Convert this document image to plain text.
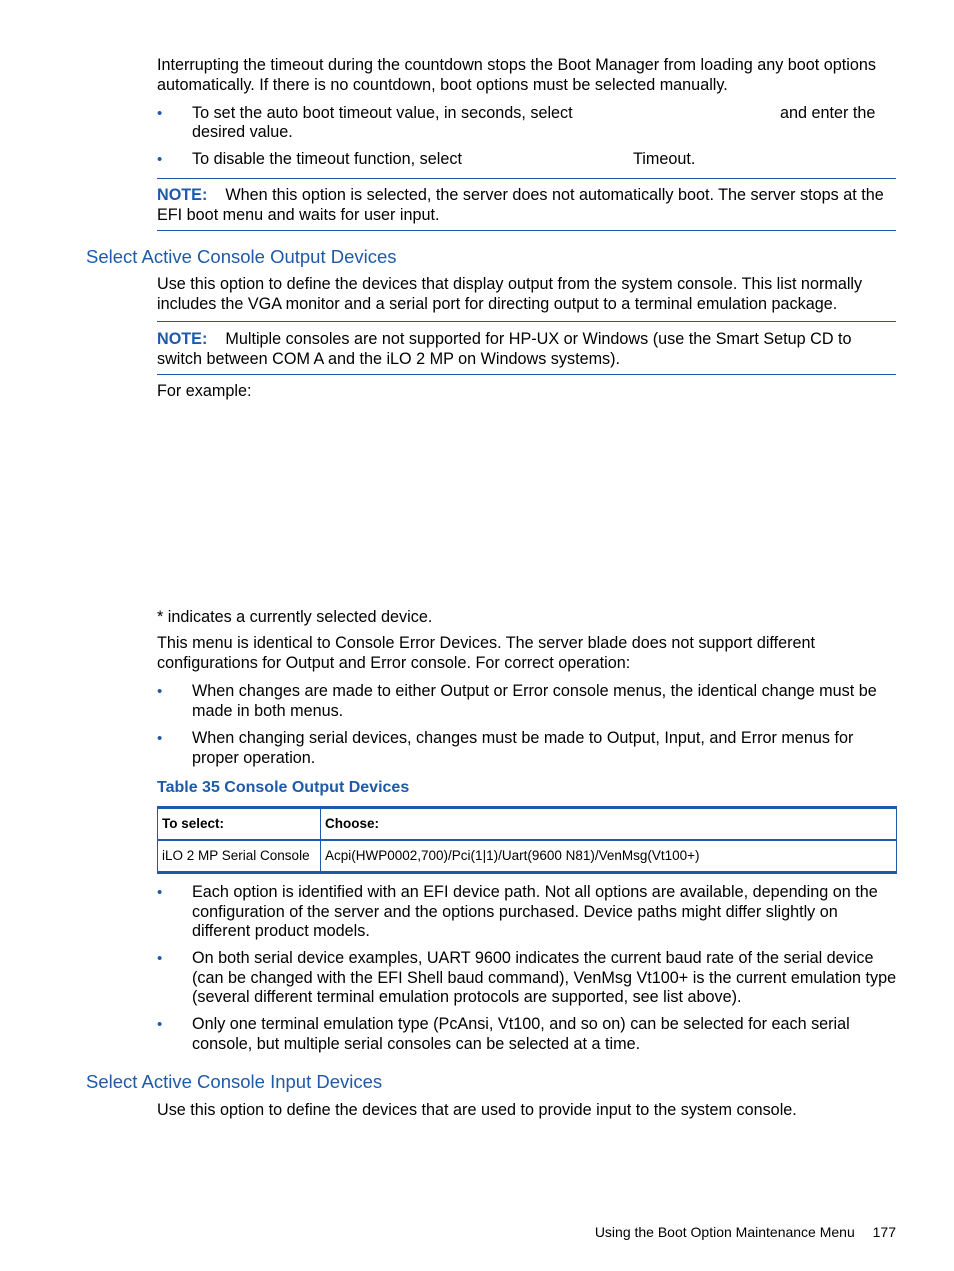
Interrupting the timeout during the countdown stops the Boot Manager from loading any boot options automatically. If there is no countdown, boot options must be selected manually.

• To set the auto boot timeout value, in seconds, select	and enter the
desired value.
• To disable the timeout function, select	Timeout.
NOTE: When this option is selected, the server does not automatically boot. The server stops at the EFI boot menu and waits for user input.
Select Active Console Output Devices

Use this option to define the devices that display output from the system console. This list normally includes the VGA monitor and a serial port for directing output to a terminal emulation package.

NOTE: Multiple consoles are not supported for HP-UX or Windows (use the Smart Setup CD to switch between COM A and the iLO 2 MP on Windows systems).

For example:

* indicates a currently selected device.

This menu is identical to Console Error Devices. The server blade does not support different configurations for Output and Error console. For correct operation:

• When changes are made to either Output or Error console menus, the identical change must be made in both menus.
• When changing serial devices, changes must be made to Output, Input, and Error menus for proper operation.
Table 35 Console Output Devices
To select:	Choose:
iLO 2 MP Serial Console	Acpi(HWP0002,700)/Pci(1|1)/Uart(9600 N81)/VenMsg(Vt100+)
• Each option is identified with an EFI device path. Not all options are available, depending on the configuration of the server and the options purchased. Device paths might differ slightly on different product models.
• On both serial device examples, UART 9600 indicates the current baud rate of the serial device (can be changed with the EFI Shell baud command), VenMsg Vt100+ is the current emulation type (several different terminal emulation protocols are supported, see list above).
• Only one terminal emulation type (PcAnsi, Vt100, and so on) can be selected for each serial console, but multiple serial consoles can be selected at a time.
Select Active Console Input Devices

Use this option to define the devices that are used to provide input to the system console.

Using the Boot Option Maintenance Menu 177
